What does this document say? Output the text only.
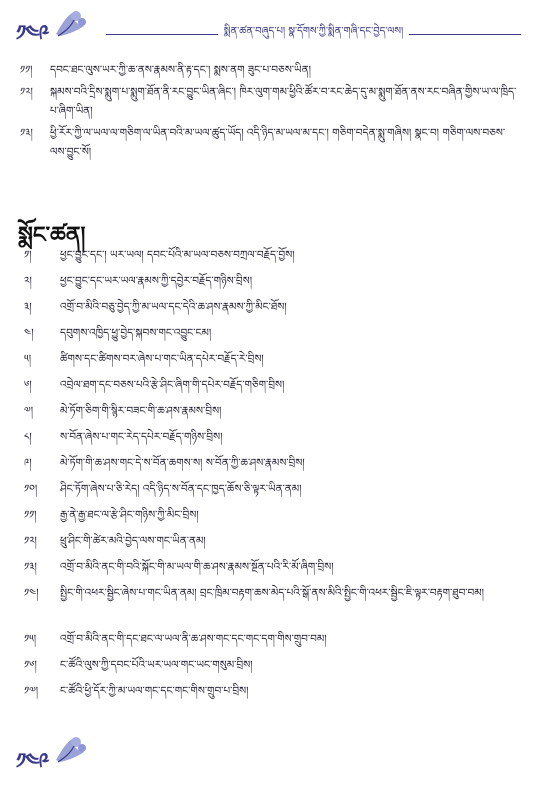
༡༤༩	སྨིན་ཚན་བཞུད་པ། སྣ་དོགས་ཀྱི་སྨིན་གཞི་དང་བྱེད་ལས།
༡༡།	དབང་ཐང་ལུས་ཡར་ཀྱི་ཆ་ནས་རྣམས་ནི་རྟ་དང་། སྨས་ནག ཟུང་པ་བཅས་ཡིན།
༡༢།	སྐམས་བའི་དྲིས་སྨུག་པ་སྨུག་ཐོན་ནི་རང་བྱུང་ཡིན་ཞིང་། ཁིར་ལུག་གམ་ཕྱིའི་ཚོར་བ་རང་ཆེད་དུ་མ་སྨུག་ཐོན་ནས་རང་བཞིན་གྱིས་ཡ་ལ་ཁྲིད་པ་ཞིག་ཡིན།
༡༣།	ཕྱི་རོར་ཀྱི་ལ་ཡལ་ལ་གཅིག་ལ་ཡིན་བའི་མ་ཡལ་ཚུད་ཡོད། འདི་ཉིད་མ་ཡལ་མ་དང་། གཅིག་བདེན་སྨུ་གཞིས། སྣང་བ། གཅིག་ལས་བཅས་ལས་བྱུང་སོ།
སྨོང་ཚན།
༡།	ཕྱང་བྱུང་དང་། ཡར་ཡལ། དབང་པོའི་མ་ཡལ་བཅས་བཀྲལ་བརྗོད་བྱོས།
༢།	ཕྱང་བྱུང་དང་ཡར་ཡལ་རྣམས་ཀྱི་དབྱེར་བརྗོད་གཉིས་བྲིས།
༣།	འགྲོ་བ་མིའི་བཅུ་བྱེད་ཀྱི་མ་ཡལ་དང་དེའི་ཆ་ཤས་རྣམས་ཀྱི་མིང་ཐོས།
༤།	དབུགས་འཁྱིད་ཕྱུ་བྱེད་སྐབས་གང་འབྱུང་ངམ།
༥།	ཚིགས་དང་ཚིགས་བར་ཞེས་པ་གང་ཡིན་དཔེར་བརྗོད་རེ་བྲིས།
༦།	འབྲེལ་ཐག་དང་བཅས་པའི་རྩེ་ཤིང་ཞིག་གི་དཔེར་བརྗོད་གཅིག་བྲིས།
༧།	མེ་ཏོག་ཅིག་གི་སྙིར་བཟང་གི་ཆ་ཤས་རྣམས་བྲིས།
༨།	ས་བོན་ཞེས་པ་གང་རེད་དཔེར་བརྗོད་གཉིས་བྲིས།
༩།	མེ་ཏོག་གི་ཆ་ཤས་གང་དེ་ས་བོན་ཆགས་ས། ས་བོན་ཀྱི་ཆ་ཤས་རྣམས་བྲིས།
༡༠།	ཤིང་ཏོག་ཞེས་པ་ཅི་རེད། འདི་ཉིད་ས་བོན་དང་ཁྱད་ཆོས་ཅི་ལྟར་ཡིན་ནམ།
༡༡།	རྒྱ་ནེ་རྒྱ་ཐང་ལ་རྩེ་ཤིང་གཉིས་ཀྱི་མིང་བྲིས།
༡༢།	ཕྲུ་ཤིང་གི་ཚེར་མའི་བྱེད་ལས་གང་ཡིན་ནམ།
༡༣།	འགྲོ་བ་མིའི་ནང་གི་བའི་སྐོང་གི་མ་ཡལ་གི་ཆ་ཤས་རྣམས་སྔོན་པའི་རི་མོ་ཞིག་བྲིས།
༡༤།	སྤྱིང་གི་འཕར་སྦྱིང་ཞེས་པ་གང་ཡིན་ནམ། བྲང་ཁྲིམ་བརྟག་ཆས་མེད་པའི་སྒོ་ནས་མིའི་སྤྱིང་གི་འཕར་སྦྱིང་ཇི་ལྟར་བརྟག་ཐུབ་བམ།
༡༥།	འགྲོ་བ་མིའི་ནང་གི་དང་ཐང་ལ་ཡལ་ནི་ཆ་ཤས་གང་དང་གང་དག་གིས་གྲུབ་བམ།
༡༦།	ང་ཚོའི་ལུས་ཀྱི་དབང་པོའི་ཡར་ཡལ་གང་ཡང་གསུམ་བྲིས།
༡༧།	ང་ཚོའི་ཕྱི་དོར་ཀྱི་མ་ཡལ་གང་དང་གང་གིས་གྲུབ་པ་བྲིས།
༡༤༩
